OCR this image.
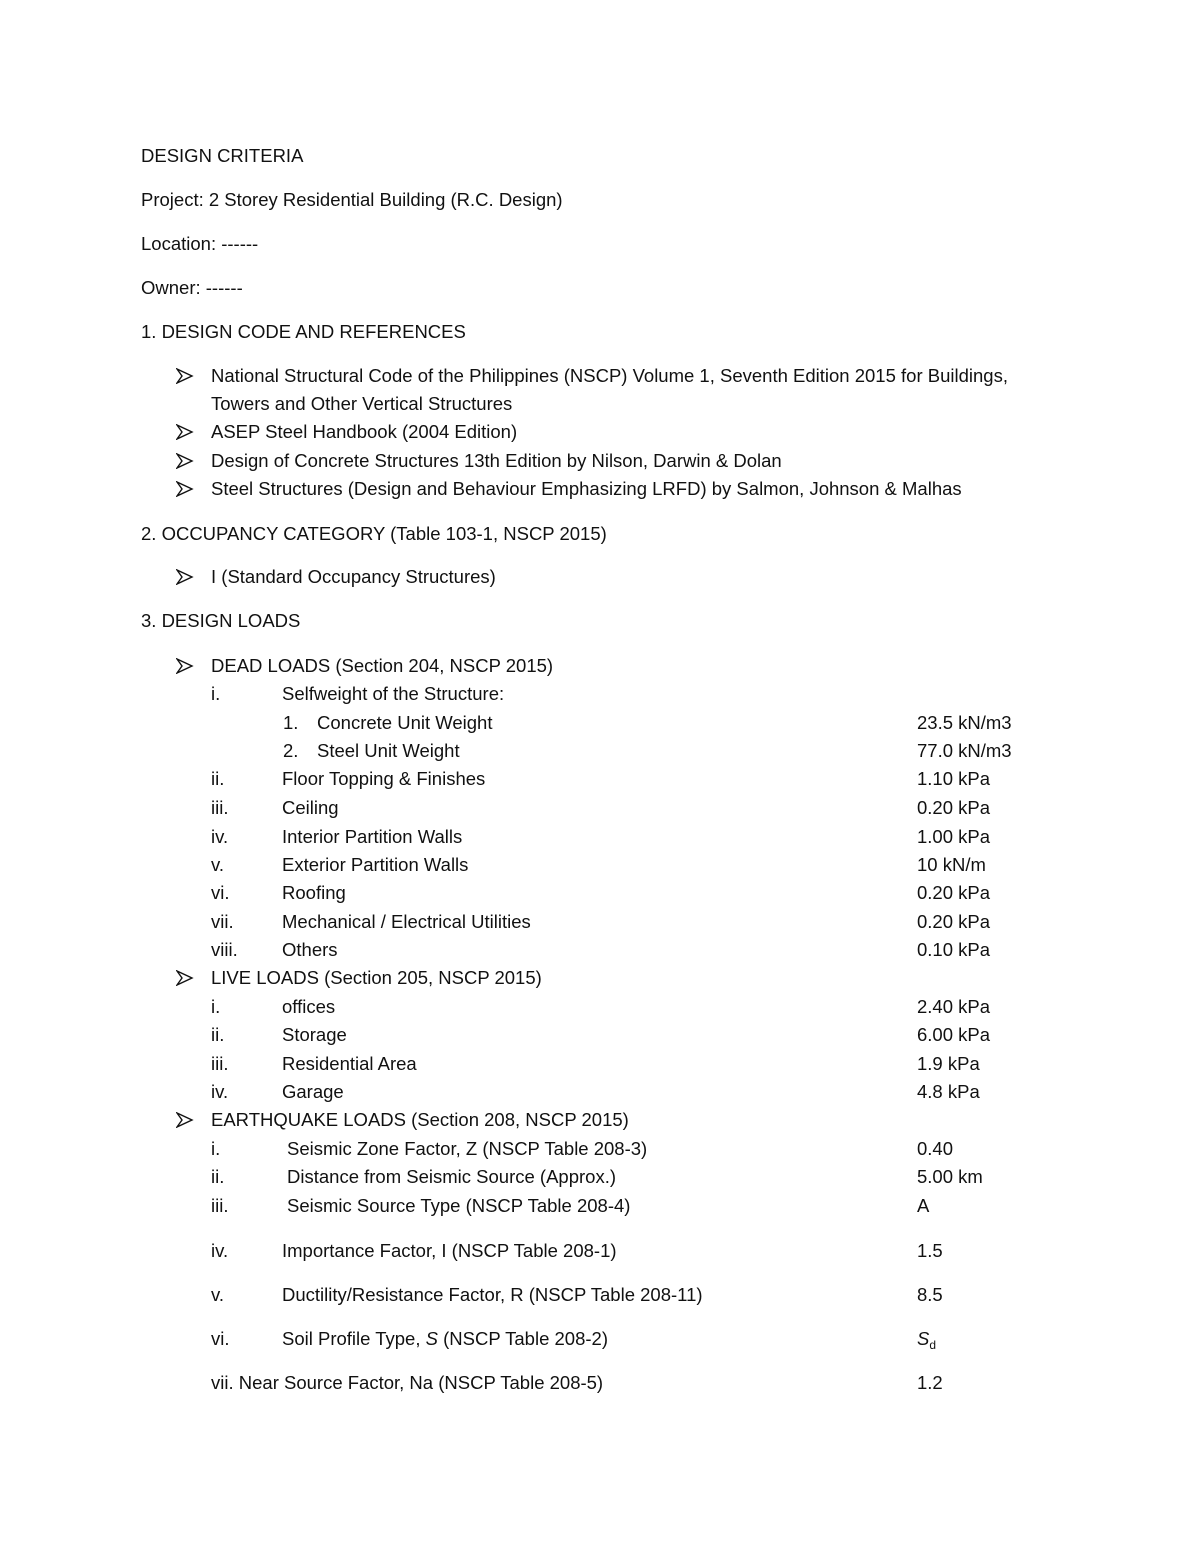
DESIGN CRITERIA
Project: 2 Storey Residential Building (R.C. Design)
Location: ------
Owner: ------
1. DESIGN CODE AND REFERENCES
National Structural Code of the Philippines (NSCP) Volume 1, Seventh Edition 2015 for Buildings,
Towers and Other Vertical Structures
ASEP Steel Handbook (2004 Edition)
Design of Concrete Structures 13th Edition by Nilson, Darwin & Dolan
Steel Structures (Design and Behaviour Emphasizing LRFD) by Salmon, Johnson & Malhas
2. OCCUPANCY CATEGORY (Table 103-1, NSCP 2015)
I (Standard Occupancy Structures)
3. DESIGN LOADS
DEAD LOADS (Section 204, NSCP 2015)
i.	Selfweight of the Structure:
1. Concrete Unit Weight	23.5 kN/m3
2. Steel Unit Weight	77.0 kN/m3
ii.	Floor Topping & Finishes	1.10 kPa
iii.	Ceiling	0.20 kPa
iv.	Interior Partition Walls	1.00 kPa
v.	Exterior Partition Walls	10 kN/m
vi.	Roofing	0.20 kPa
vii.	Mechanical / Electrical Utilities	0.20 kPa
viii. Others	0.10 kPa
LIVE LOADS (Section 205, NSCP 2015)
i.	offices	2.40 kPa
ii.	Storage	6.00 kPa
iii.	Residential Area	1.9 kPa
iv.	Garage	4.8 kPa
EARTHQUAKE LOADS (Section 208, NSCP 2015)
i.	Seismic Zone Factor, Z (NSCP Table 208-3)	0.40
ii.	Distance from Seismic Source (Approx.)	5.00 km
iii.	Seismic Source Type (NSCP Table 208-4)	A
iv.	Importance Factor, I (NSCP Table 208-1)	1.5
v.	Ductility/Resistance Factor, R (NSCP Table 208-11)	8.5
vi.	Soil Profile Type, S (NSCP Table 208-2)	$S_d$
vii. Near Source Factor, Na (NSCP Table 208-5)	1.2
